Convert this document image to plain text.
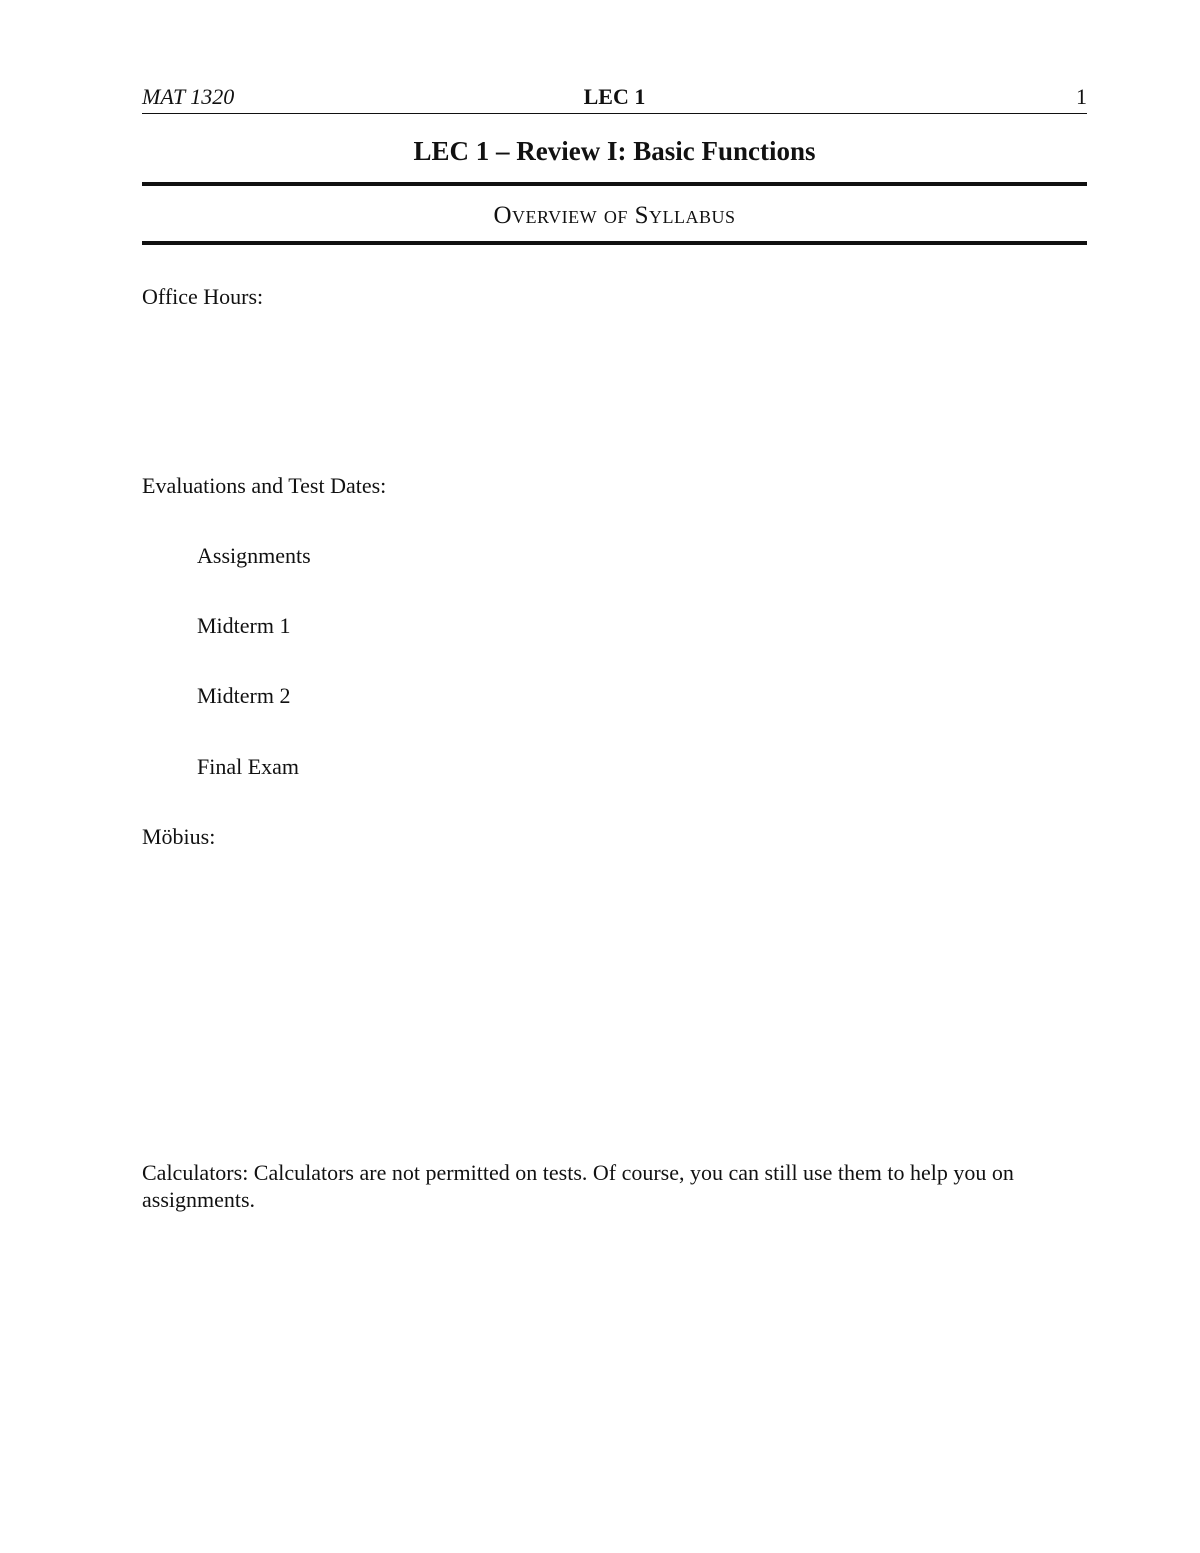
MAT 1320	LEC 1	1
LEC 1 – Review I: Basic Functions
Overview of Syllabus
Office Hours:
Evaluations and Test Dates:
Assignments
Midterm 1
Midterm 2
Final Exam
Möbius:
Calculators: Calculators are not permitted on tests. Of course, you can still use them to help you on assignments.
